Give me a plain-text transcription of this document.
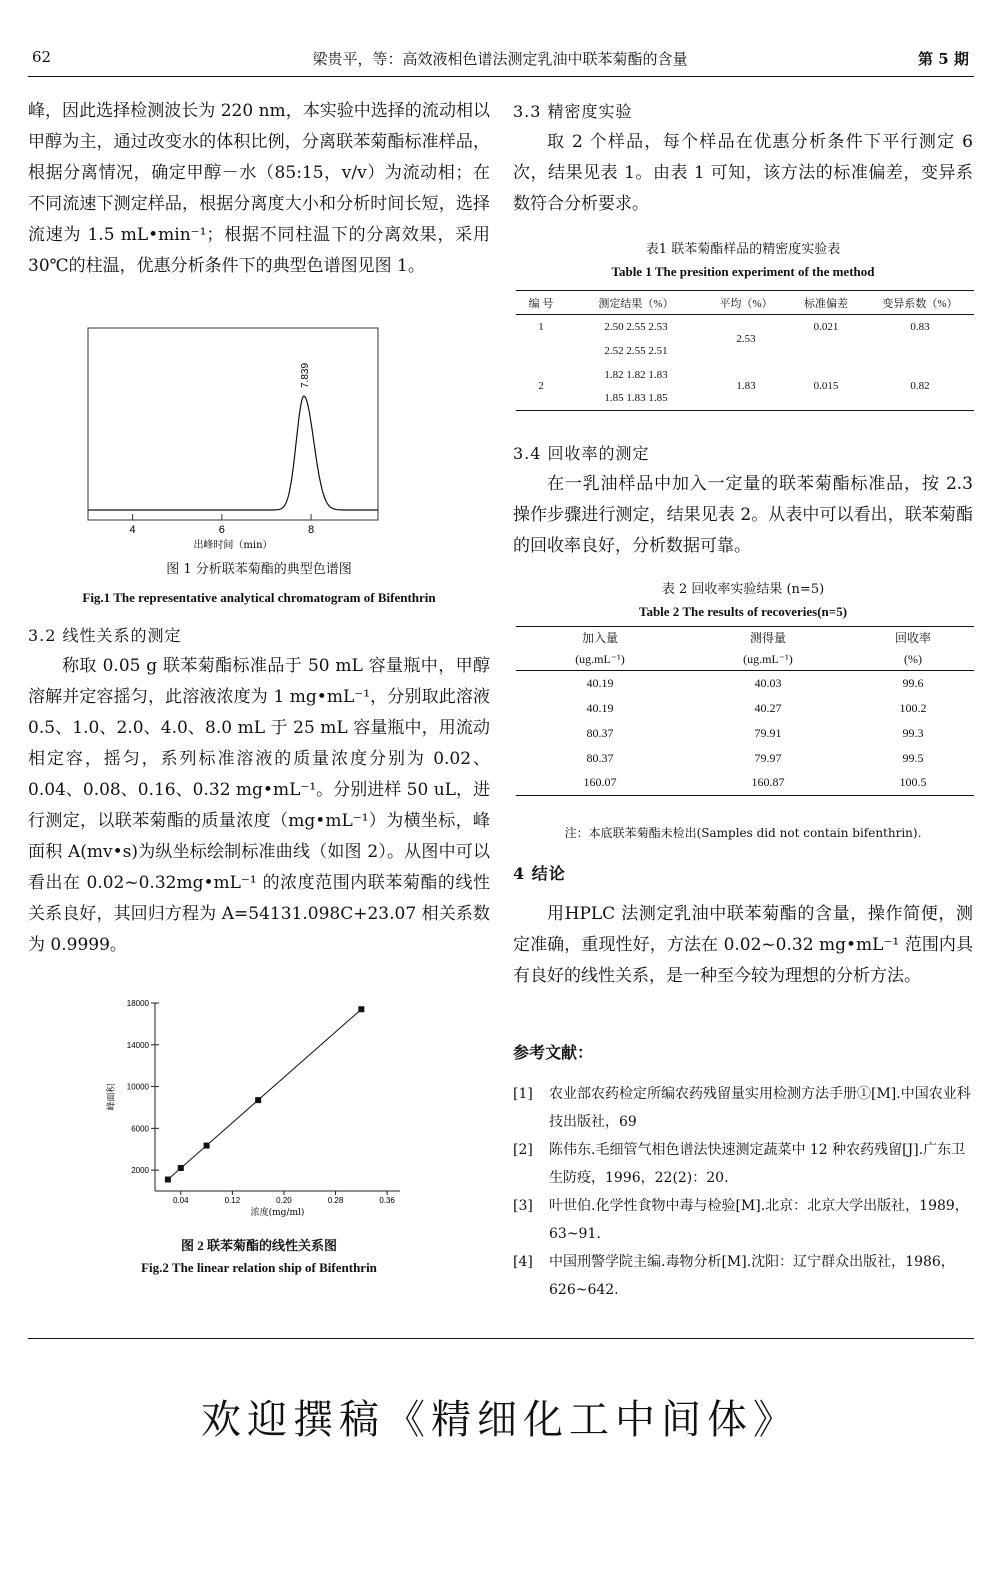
62	梁贵平，等：高效液相色谱法测定乳油中联苯菊酯的含量	第 5 期

峰，因此选择检测波长为 220 nm，本实验中选择的流动相以甲醇为主，通过改变水的体积比例，分离联苯菊酯标准样品，根据分离情况，确定甲醇－水（85:15，v/v）为流动相；在不同流速下测定样品，根据分离度大小和分析时间长短，选择流速为 1.5 mL•min⁻¹；根据不同柱温下的分离效果，采用 30℃的柱温，优惠分析条件下的典型色谱图见图 1。

4	6	8
7.839
出峰时间（min）
图 1 分析联苯菊酯的典型色谱图
Fig.1 The representative analytical chromatogram of Bifenthrin
3.2 线性关系的测定

称取 0.05 g 联苯菊酯标准品于 50 mL 容量瓶中，甲醇溶解并定容摇匀，此溶液浓度为 1 mg•mL⁻¹，分别取此溶液 0.5、1.0、2.0、4.0、8.0 mL 于 25 mL 容量瓶中，用流动相定容，摇匀，系列标准溶液的质量浓度分别为 0.02、0.04、0.08、0.16、0.32 mg•mL⁻¹。分别进样 50 uL，进行测定，以联苯菊酯的质量浓度（mg•mL⁻¹）为横坐标，峰面积 A(mv•s)为纵坐标绘制标准曲线（如图 2）。从图中可以看出在 0.02~0.32mg•mL⁻¹ 的浓度范围内联苯菊酯的线性关系良好，其回归方程为 A=54131.098C+23.07 相关系数为 0.9999。

2000
6000
10000
14000
18000
0.04	0.12	0.20	0.28	0.36
浓度(mg/ml)
峰面积
图 2 联苯菊酯的线性关系图
Fig.2 The linear relation ship of Bifenthrin
3.3 精密度实验

取 2 个样品，每个样品在优惠分析条件下平行测定 6 次，结果见表 1。由表 1 可知，该方法的标准偏差，变异系数符合分析要求。

表1 联苯菊酯样品的精密度实验表
Table 1 The presition experiment of the method
编 号	测定结果（%）	平均（%）	标准偏差	变异系数（%）
1	2.50 2.55 2.53	2.53	0.021	0.83
	2.52 2.55 2.51			
2	1.82 1.82 1.83	1.83	0.015	0.82
	1.85 1.83 1.85			
3.4 回收率的测定

在一乳油样品中加入一定量的联苯菊酯标准品，按 2.3 操作步骤进行测定，结果见表 2。从表中可以看出，联苯菊酯的回收率良好，分析数据可靠。

表 2 回收率实验结果 (n=5)
Table 2 The results of recoveries(n=5)
加入量	测得量	回收率
(ug.mL⁻¹)	(ug.mL⁻¹)	(%)
40.19	40.03	99.6
40.19	40.27	100.2
80.37	79.91	99.3
80.37	79.97	99.5
160.07	160.87	100.5
注：本底联苯菊酯未检出(Samples did not contain bifenthrin).
4 结论

用HPLC 法测定乳油中联苯菊酯的含量，操作简便，测定准确，重现性好，方法在 0.02~0.32 mg•mL⁻¹ 范围内具有良好的线性关系，是一种至今较为理想的分析方法。

参考文献：
[1]	农业部农药检定所编农药残留量实用检测方法手册①[M].中国农业科技出版社，69
[2]	陈伟东.毛细管气相色谱法快速测定蔬菜中 12 种农药残留[J].广东卫生防疫，1996，22(2)：20.
[3]	叶世伯.化学性食物中毒与检验[M].北京：北京大学出版社，1989，63~91.
[4]	中国刑警学院主编.毒物分析[M].沈阳：辽宁群众出版社，1986，626~642.
欢迎撰稿《精细化工中间体》
